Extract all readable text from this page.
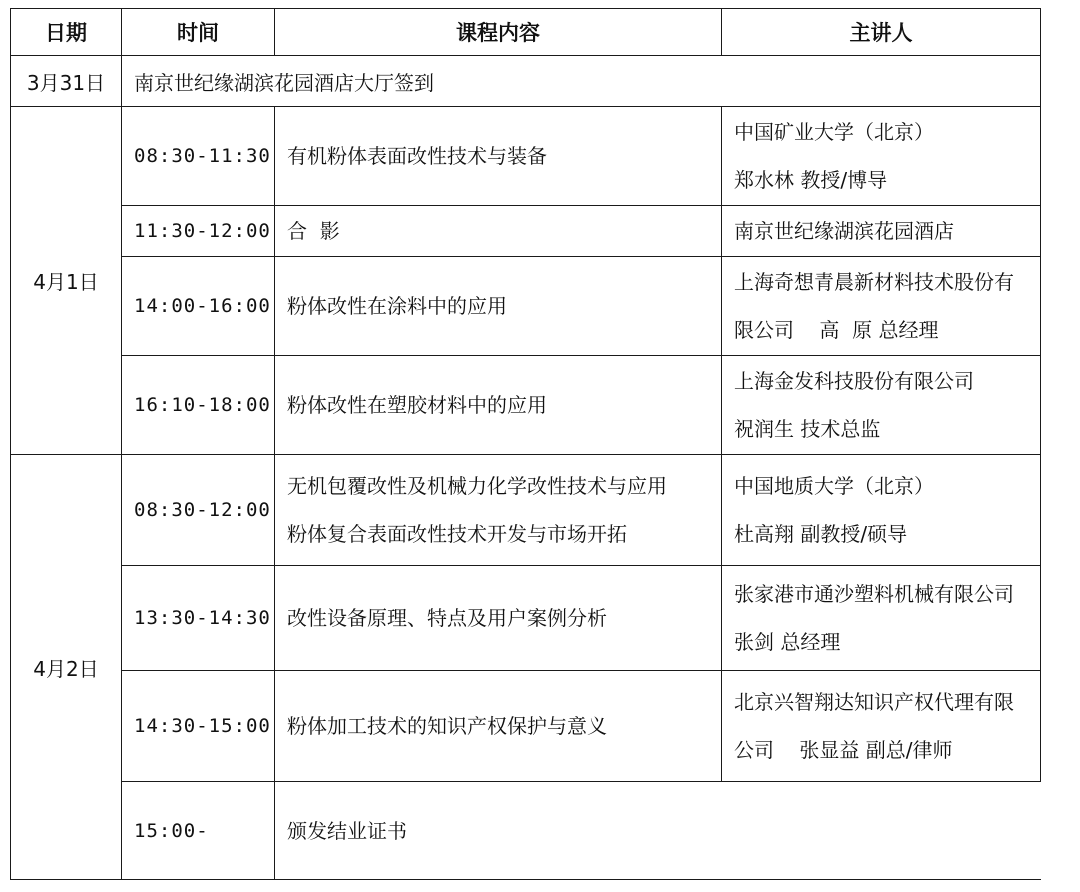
日期	时间	课程内容	主讲人
3月31日	南京世纪缘湖滨花园酒店大厅签到		
4月1日	08:30-11:30	有机粉体表面改性技术与装备	中国矿业大学（北京）
郑水林 教授/博导

	11:30-12:00	合  影	南京世纪缘湖滨花园酒店
	14:00-16:00	粉体改性在涂料中的应用	上海奇想青晨新材料技术股份有
限公司    高  原 总经理

	16:10-18:00	粉体改性在塑胶材料中的应用	上海金发科技股份有限公司
祝润生 技术总监

4月2日	08:30-12:00	无机包覆改性及机械力化学改性技术与应用
粉体复合表面改性技术开发与市场开拓	中国地质大学（北京）
杜高翔 副教授/硕导

	13:30-14:30	改性设备原理、特点及用户案例分析	张家港市通沙塑料机械有限公司
张剑 总经理

	14:30-15:00	粉体加工技术的知识产权保护与意义	北京兴智翔达知识产权代理有限
公司    张显益 副总/律师

	15:00-	颁发结业证书	
